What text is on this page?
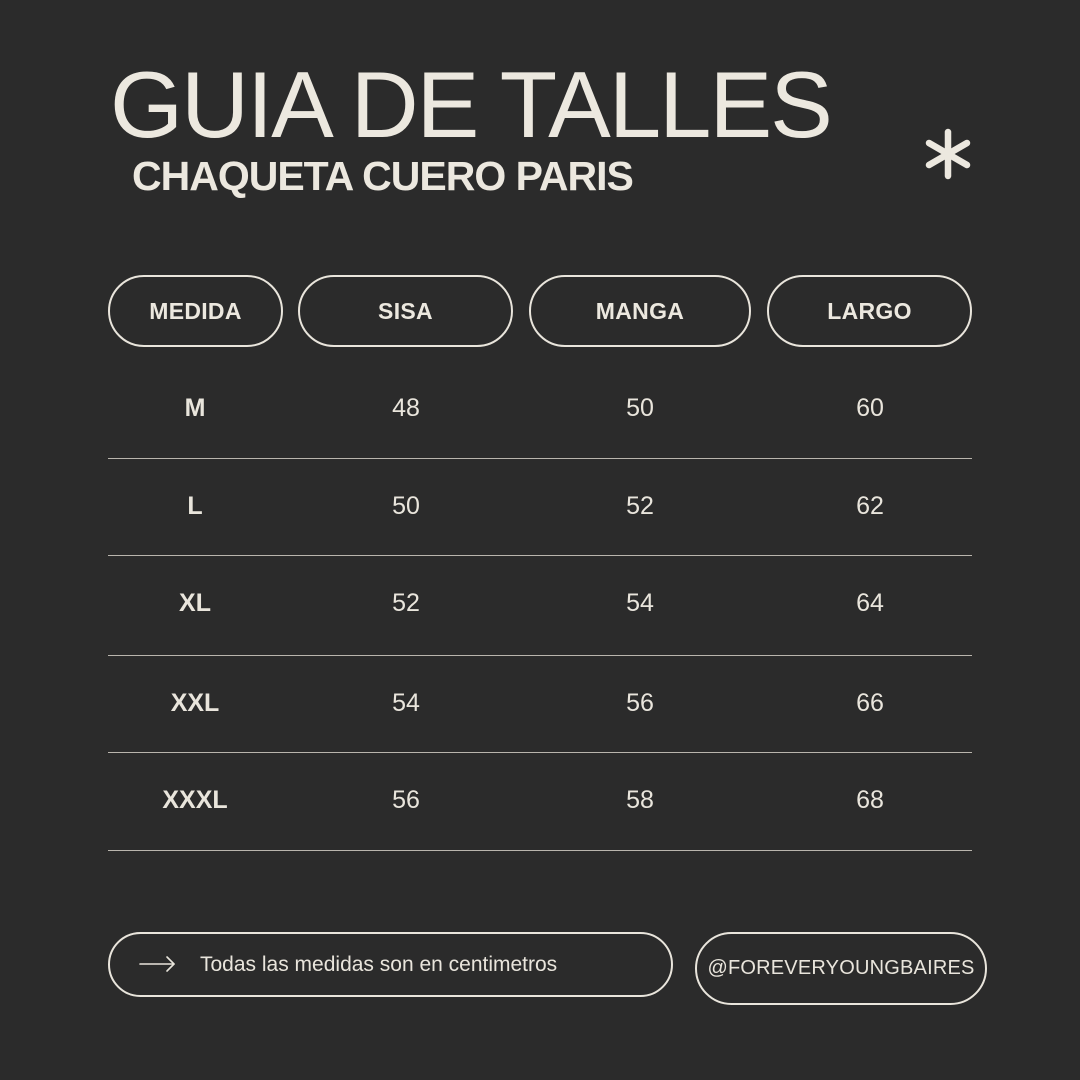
GUIA DE TALLES
CHAQUETA CUERO PARIS
MEDIDA	SISA	MANGA	LARGO
M	48	50	60
L	50	52	62
XL	52	54	64
XXL	54	56	66
XXXL	56	58	68
Todas las medidas son en centimetros	@FOREVERYOUNGBAIRES
